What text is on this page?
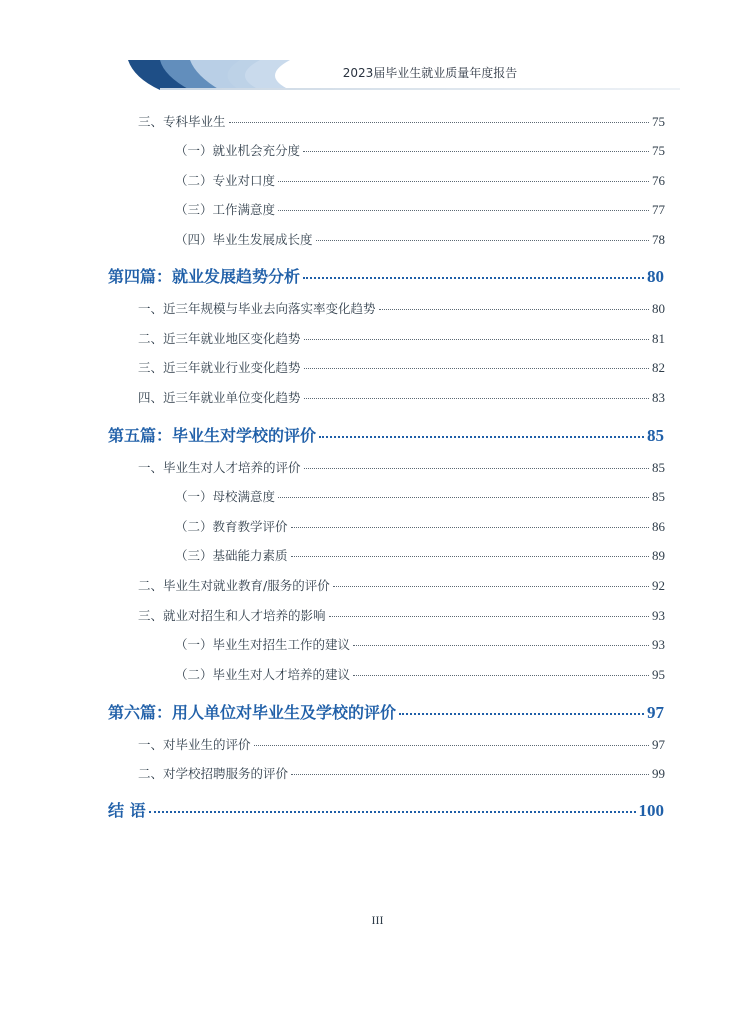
2023届毕业生就业质量年度报告
三、专科毕业生	75
（一）就业机会充分度	75
（二）专业对口度	76
（三）工作满意度	77
（四）毕业生发展成长度	78
第四篇：就业发展趋势分析	80
一、近三年规模与毕业去向落实率变化趋势	80
二、近三年就业地区变化趋势	81
三、近三年就业行业变化趋势	82
四、近三年就业单位变化趋势	83
第五篇：毕业生对学校的评价	85
一、毕业生对人才培养的评价	85
（一）母校满意度	85
（二）教育教学评价	86
（三）基础能力素质	89
二、毕业生对就业教育/服务的评价	92
三、就业对招生和人才培养的影响	93
（一）毕业生对招生工作的建议	93
（二）毕业生对人才培养的建议	95
第六篇：用人单位对毕业生及学校的评价	97
一、对毕业生的评价	97
二、对学校招聘服务的评价	99
结 语	100
III
